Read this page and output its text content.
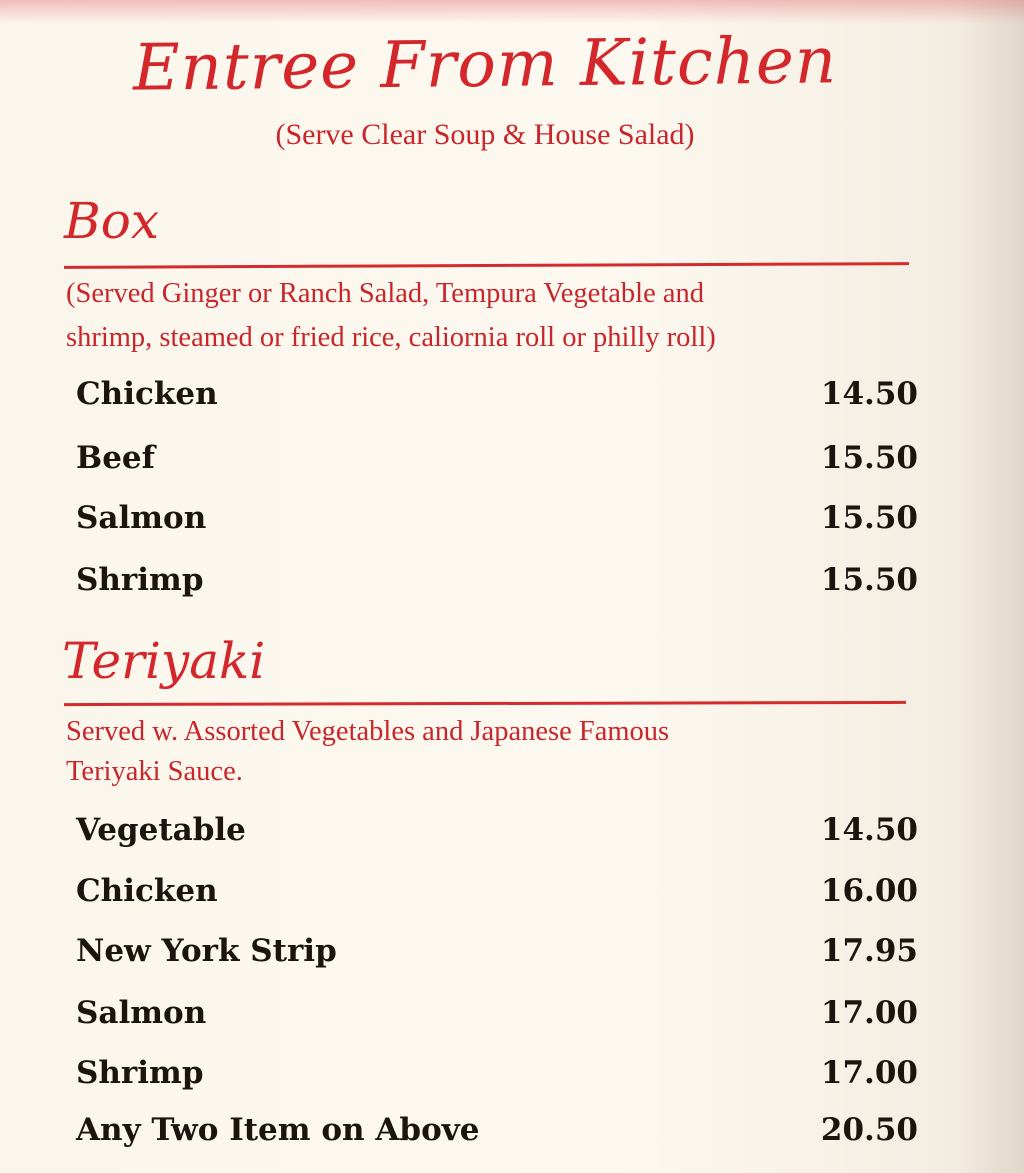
Entree From Kitchen
(Serve Clear Soup & House Salad)
Box
(Served Ginger or Ranch Salad, Tempura Vegetable and
shrimp, steamed or fried rice, caliornia roll or philly roll)
Chicken	14.50
Beef	15.50
Salmon	15.50
Shrimp	15.50
Teriyaki
Served w. Assorted Vegetables and Japanese Famous
Teriyaki Sauce.
Vegetable	14.50
Chicken	16.00
New York Strip	17.95
Salmon	17.00
Shrimp	17.00
Any Two Item on Above	20.50
